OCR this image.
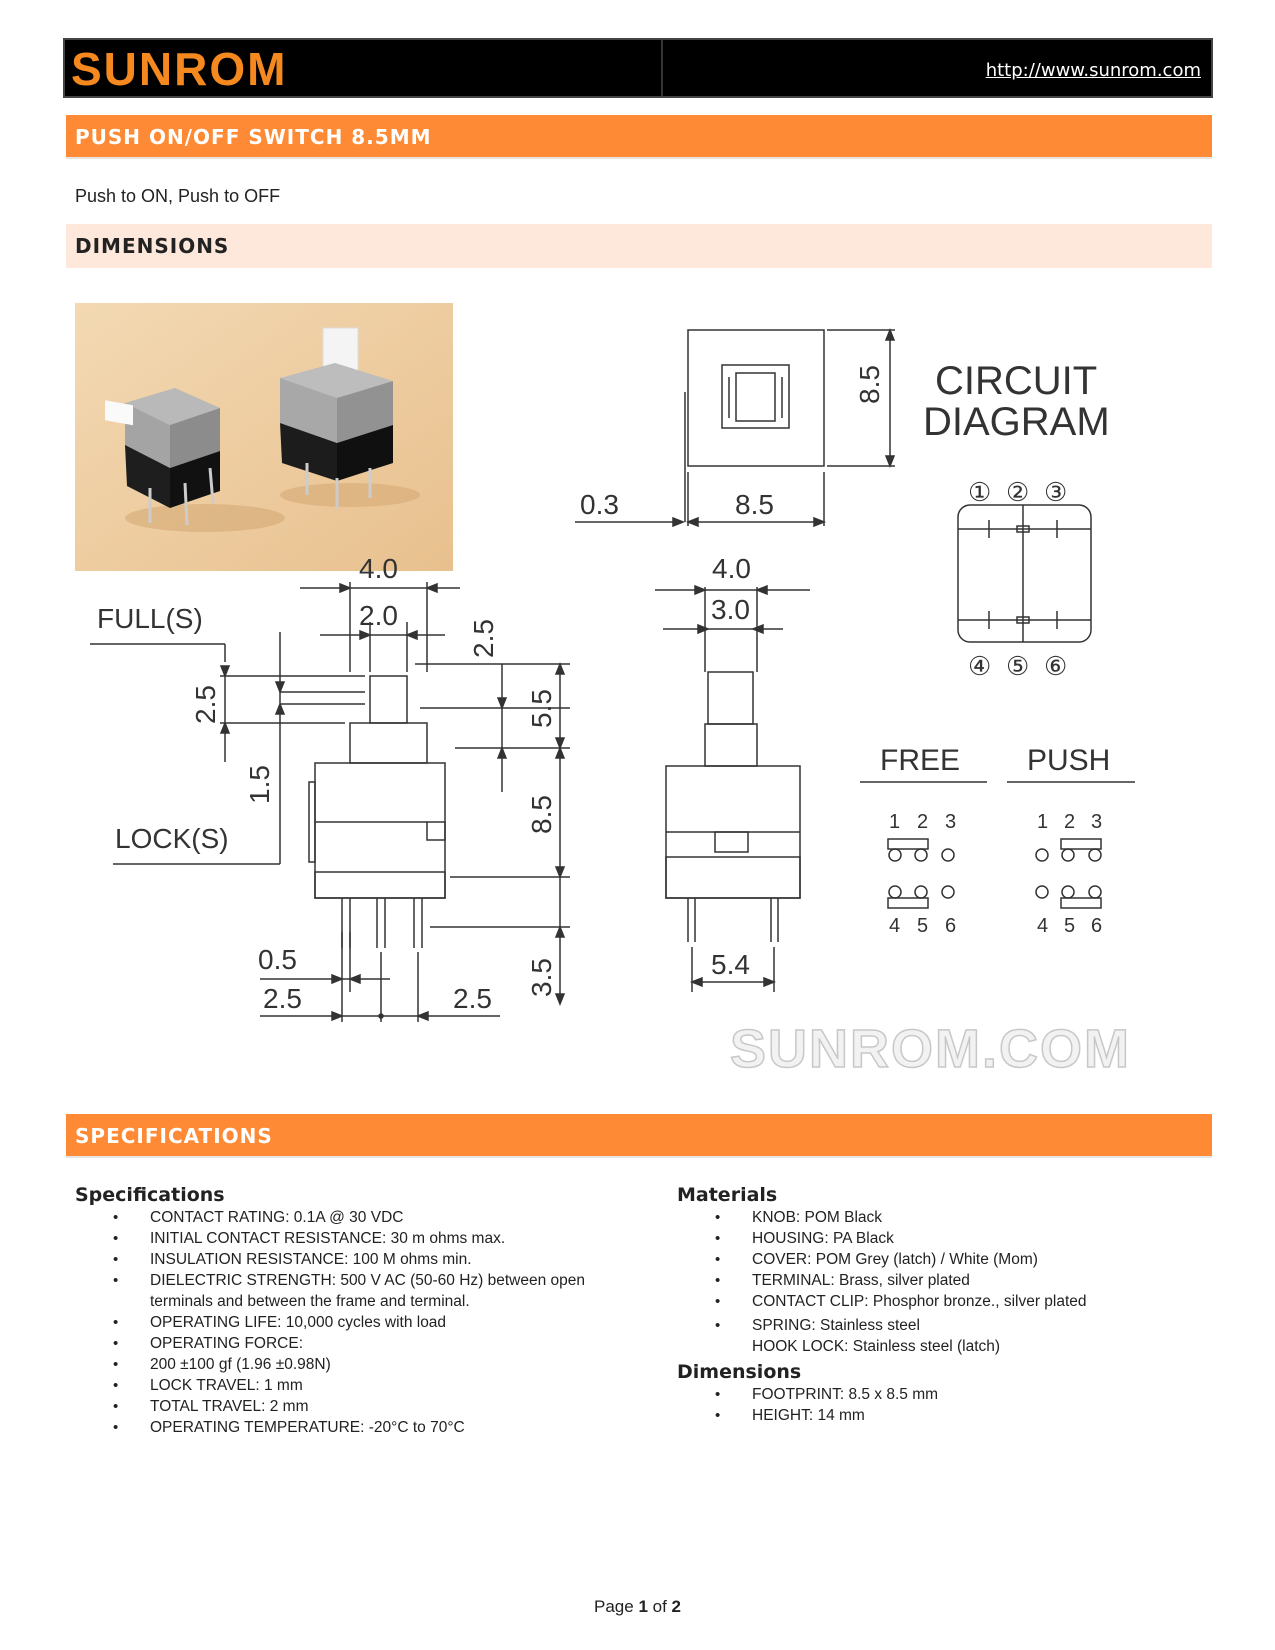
SUNROM	http://www.sunrom.com
PUSH ON/OFF SWITCH 8.5MM
Push to ON, Push to OFF
DIMENSIONS
0.3	8.5
8.5 CIRCUIT
DIAGRAM
① ② ③
④ ⑤ ⑥
FULL(S)
LOCK(S)
2.5
1.5
4.0
2.0
2.5
5.5
8.5
3.5
0.5
2.5	2.5
4.0
3.0
5.4
FREE PUSH
1 2 3
4 5 6
1 2 3
4 5 6
SUNROM.COM
SPECIFICATIONS
Specifications
• CONTACT RATING: 0.1A @ 30 VDC
• INITIAL CONTACT RESISTANCE: 30 m ohms max.
• INSULATION RESISTANCE: 100 M ohms min.
• DIELECTRIC STRENGTH: 500 V AC (50-60 Hz) between open
terminals and between the frame and terminal.
• OPERATING LIFE: 10,000 cycles with load
• OPERATING FORCE:
• 200 ±100 gf (1.96 ±0.98N)
• LOCK TRAVEL: 1 mm
• TOTAL TRAVEL: 2 mm
• OPERATING TEMPERATURE: -20°C to 70°C
Materials
• KNOB: POM Black
• HOUSING: PA Black
• COVER: POM Grey (latch) / White (Mom)
• TERMINAL: Brass, silver plated
• CONTACT CLIP: Phosphor bronze., silver plated
• SPRING: Stainless steel
HOOK LOCK: Stainless steel (latch)
Dimensions
• FOOTPRINT: 8.5 x 8.5 mm
• HEIGHT: 14 mm
Page 1 of 2
